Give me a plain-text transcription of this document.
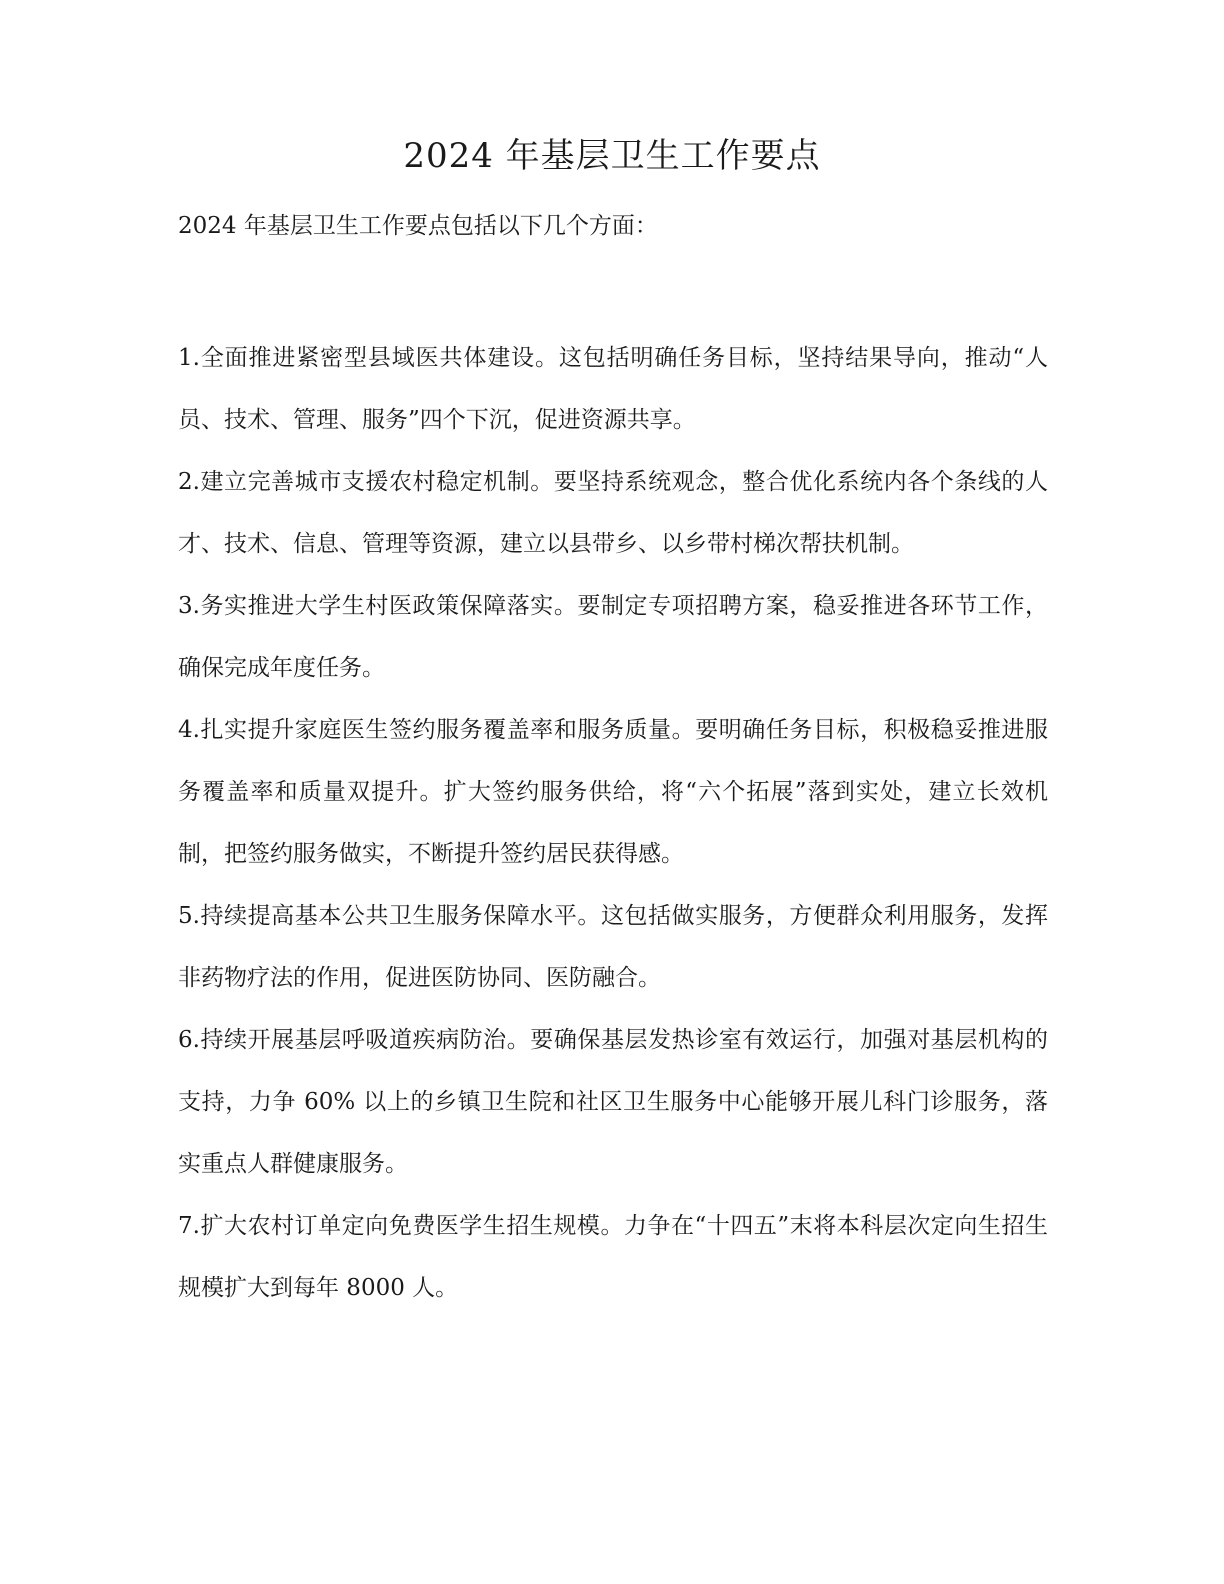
2024 年基层卫生工作要点
2024 年基层卫生工作要点包括以下几个方面：

1.全面推进紧密型县域医共体建设。这包括明确任务目标，坚持结果导向，推动“人员、技术、管理、服务”四个下沉，促进资源共享。

2.建立完善城市支援农村稳定机制。要坚持系统观念，整合优化系统内各个条线的人才、技术、信息、管理等资源，建立以县带乡、以乡带村梯次帮扶机制。

3.务实推进大学生村医政策保障落实。要制定专项招聘方案，稳妥推进各环节工作，确保完成年度任务。

4.扎实提升家庭医生签约服务覆盖率和服务质量。要明确任务目标，积极稳妥推进服务覆盖率和质量双提升。扩大签约服务供给，将“六个拓展”落到实处，建立长效机制，把签约服务做实，不断提升签约居民获得感。

5.持续提高基本公共卫生服务保障水平。这包括做实服务，方便群众利用服务，发挥非药物疗法的作用，促进医防协同、医防融合。

6.持续开展基层呼吸道疾病防治。要确保基层发热诊室有效运行，加强对基层机构的支持，力争 60% 以上的乡镇卫生院和社区卫生服务中心能够开展儿科门诊服务，落实重点人群健康服务。

7.扩大农村订单定向免费医学生招生规模。力争在“十四五”末将本科层次定向生招生规模扩大到每年 8000 人。
